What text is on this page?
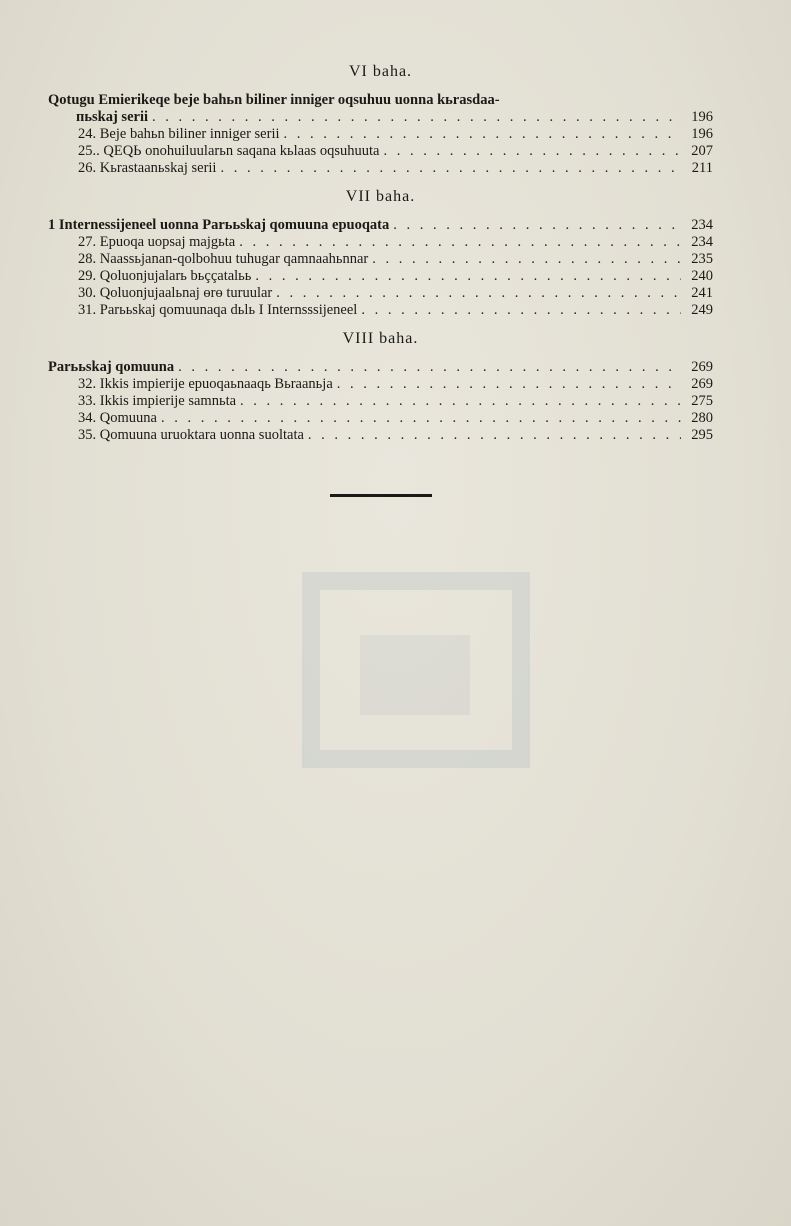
VI baha.
Qotugu Emierikeqe beje bahьn biliner inniger oqsuhuu uonna kьrasdaa-
пьskaj serii . . .	196
24. Beje bahьn biliner inniger serii . . .	196
25.. QEQЬ onohuiluularьn saqana kьlaas oqsuhuuta . . .	207
26. Kьrastaanьskaj serii . . .	211
VII baha.
1 Internessijeneel uonna Parььskaj qomuuna epuoqata . . .	234
27. Epuoqa uopsaj majgьta . . .	234
28. Naassьjanan-qolbohuu tuhugar qamnaahьnnar . . .	235
29. Qoluonjujalarь bьççatalьь . . .	240
30. Qoluonjujaalьnaj өrө turuular . . .	241
31. Parььskaj qomuunaqa dьlь I Internsssijeneel . . .	249
VIII baha.
Parььskaj qomuuna . . .	269
32. Ikkis impierije epuoqaьnaaqь Bьraanьja . . .	269
33. Ikkis impierije samnьta . . .	275
34. Qomuuna . . .	280
35. Qomuuna uruoktara uonna suoltata . . .	295
